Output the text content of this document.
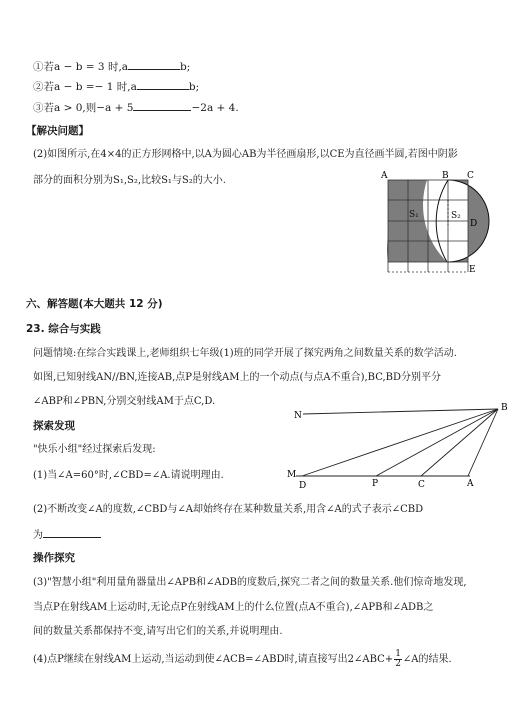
①若a − b = 3 时,a	b;
②若a − b =− 1 时,a	b;
③若a > 0,则−a + 5	−2a + 4.
【解决问题】
(2)如图所示,在4×4的正方形网格中,以A为圆心AB为半径画扇形,以CE为直径画半圆,若图中阴影
部分的面积分别为S₁,S₂,比较S₁与S₂的大小.	A	B C
D
E
S₁	S₂
六、解答题(本大题共 12 分)
23. 综合与实践
问题情境:在综合实践课上,老师组织七年级(1)班的同学开展了探究两角之间数量关系的数学活动.
如图,已知射线AN//BN,连接AB,点P是射线AM上的一个动点(与点A不重合),BC,BD分别平分
∠ABP和∠PBN,分别交射线AM于点C,D.
探索发现
"快乐小组"经过探索后发现:
(1)当∠A=60°时,∠CBD=∠A.请说明理由.
N
B
M
D	P	C	A
(2)不断改变∠A的度数,∠CBD与∠A却始终存在某种数量关系,用含∠A的式子表示∠CBD
为
操作探究
(3)"智慧小组"利用量角器量出∠APB和∠ADB的度数后,探究二者之间的数量关系.他们惊奇地发现,
当点P在射线AM上运动时,无论点P在射线AM上的什么位置(点A不重合),∠APB和∠ADB之
间的数量关系都保持不变,请写出它们的关系,并说明理由.
(4)点P继续在射线AM上运动,当运动到使∠ACB=∠ABD时,请直接写出2∠ABC+ $\frac{1}{2}$ ∠A的结果.
